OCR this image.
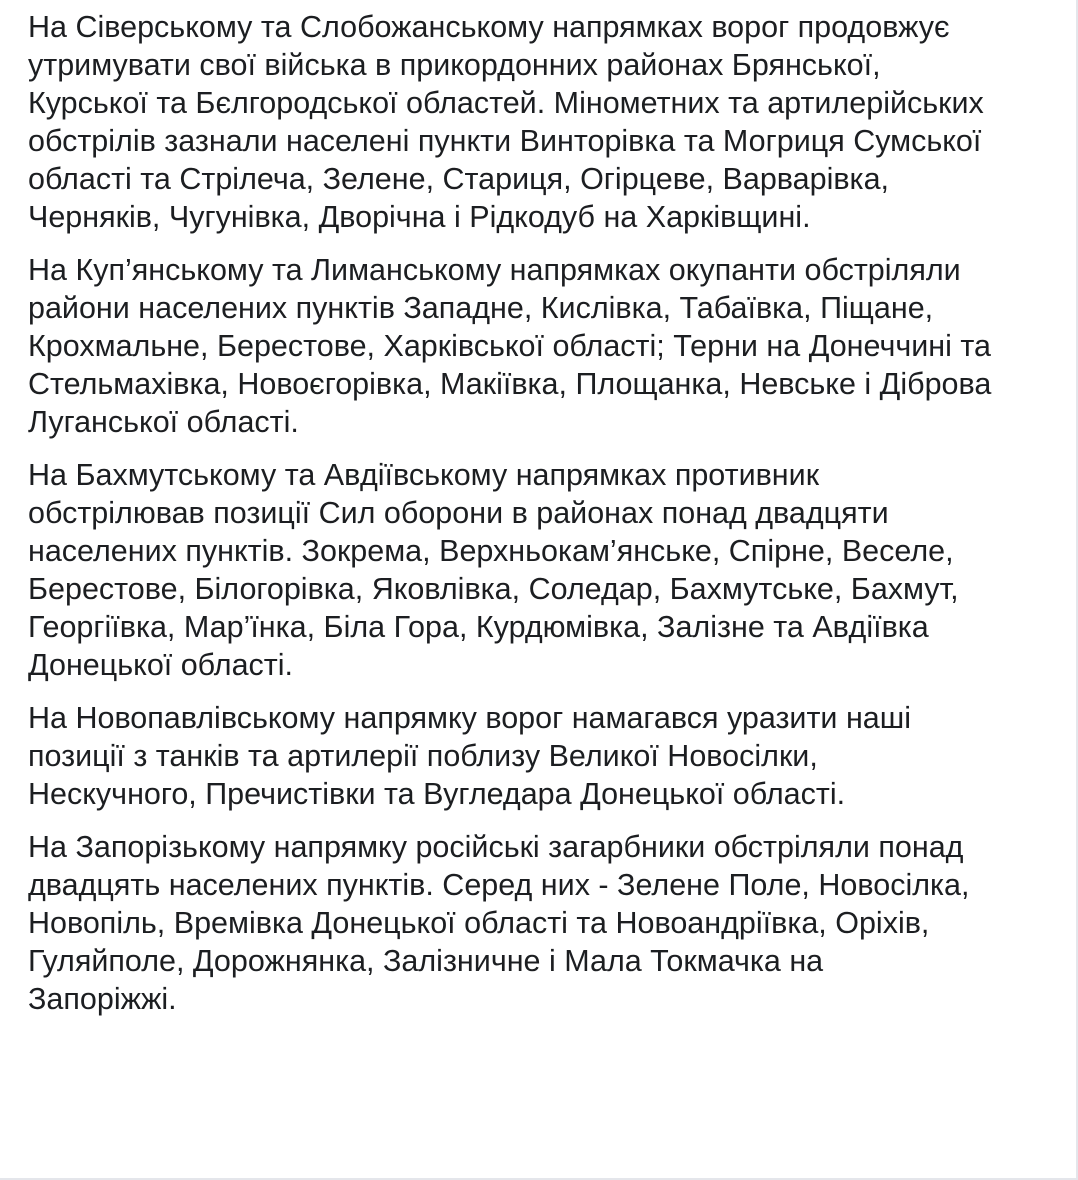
На Сіверському та Слобожанському напрямках ворог продовжує
утримувати свої війська в прикордонних районах Брянської,
Курської та Бєлгородської областей. Мінометних та артилерійських
обстрілів зазнали населені пункти Винторівка та Могриця Сумської
області та Стрілеча, Зелене, Стариця, Огірцеве, Варварівка,
Черняків, Чугунівка, Дворічна і Рідкодуб на Харківщині.

На Куп’янському та Лиманському напрямках окупанти обстріляли
райони населених пунктів Западне, Кислівка, Табаївка, Піщане,
Крохмальне, Берестове, Харківської області; Терни на Донеччині та
Стельмахівка, Новоєгорівка, Макіївка, Площанка, Невське і Діброва
Луганської області.

На Бахмутському та Авдіївському напрямках противник
обстрілював позиції Сил оборони в районах понад двадцяти
населених пунктів. Зокрема, Верхньокам’янське, Спірне, Веселе,
Берестове, Білогорівка, Яковлівка, Соледар, Бахмутське, Бахмут,
Георгіївка, Мар’їнка, Біла Гора, Курдюмівка, Залізне та Авдіївка
Донецької області.

На Новопавлівському напрямку ворог намагався уразити наші
позиції з танків та артилерії поблизу Великої Новосілки,
Нескучного, Пречистівки та Вугледара Донецької області.

На Запорізькому напрямку російські загарбники обстріляли понад
двадцять населених пунктів. Серед них - Зелене Поле, Новосілка,
Новопіль, Времівка Донецької області та Новоандріївка, Оріхів,
Гуляйполе, Дорожнянка, Залізничне і Мала Токмачка на
Запоріжжі.
